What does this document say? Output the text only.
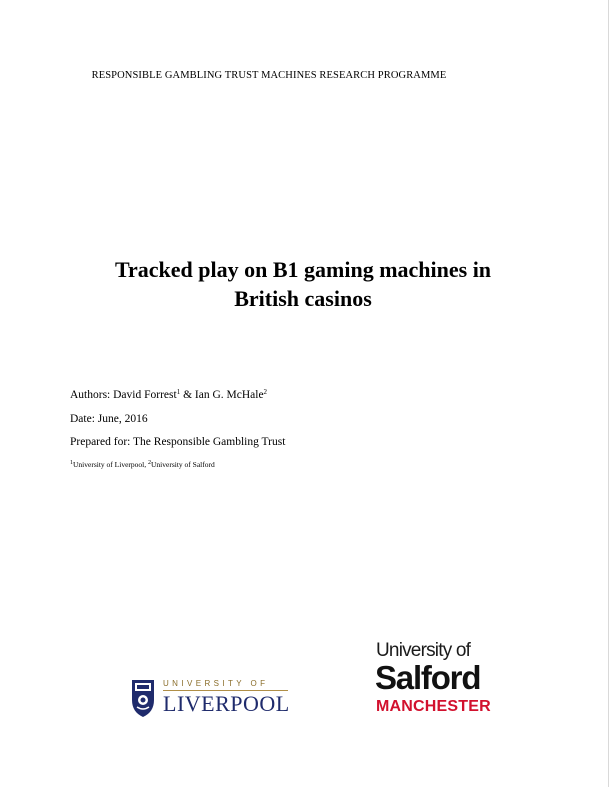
RESPONSIBLE GAMBLING TRUST MACHINES RESEARCH PROGRAMME
Tracked play on B1 gaming machines in
British casinos
Authors: David Forrest$^1$ & Ian G. McHale$^2$
Date: June, 2016
Prepared for: The Responsible Gambling Trust
$^1$University of Liverpool, $^2$University of Salford
UNIVERSITY OF
LIVERPOOL
University of
Salford
MANCHESTER
